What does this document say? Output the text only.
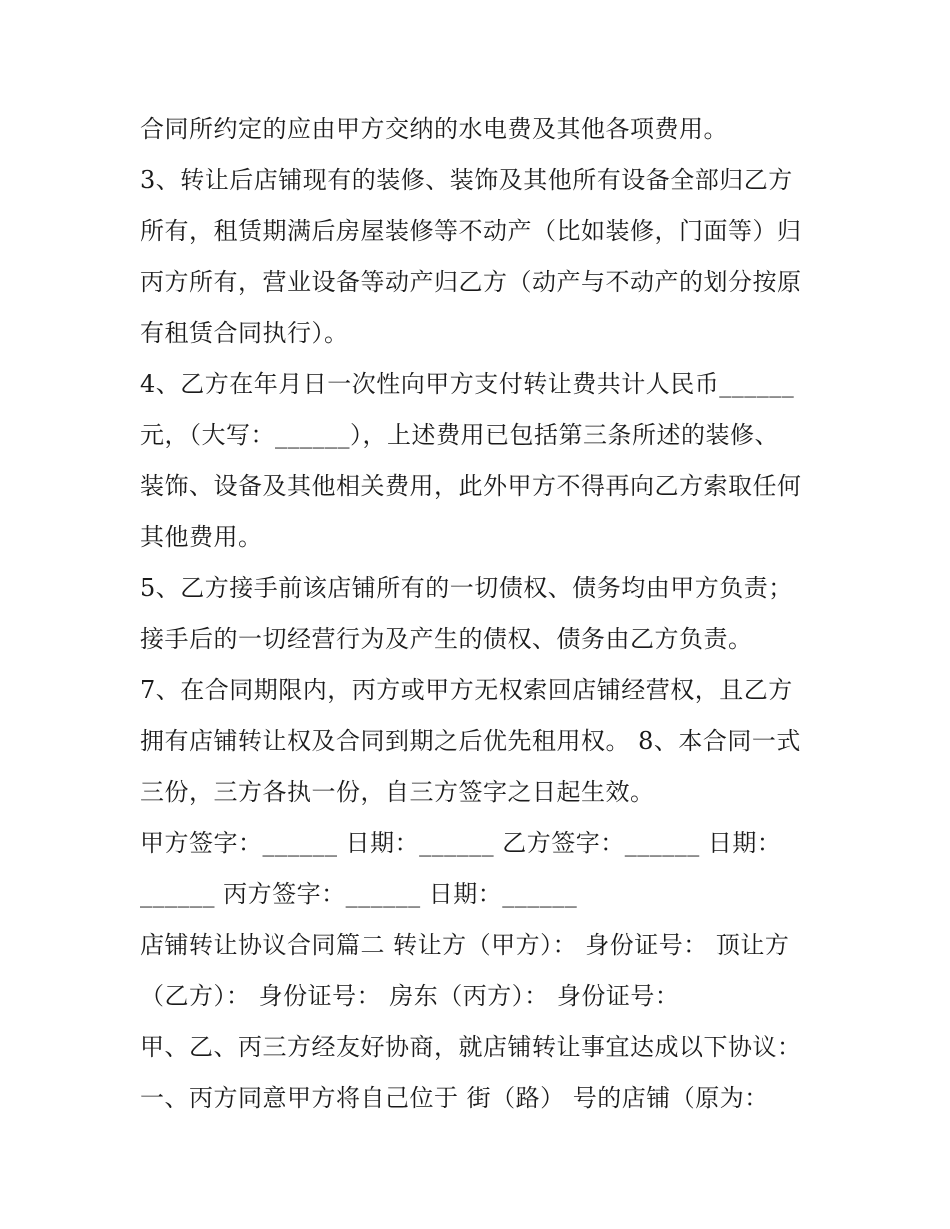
合同所约定的应由甲方交纳的水电费及其他各项费用。
3、转让后店铺现有的装修、装饰及其他所有设备全部归乙方
所有，租赁期满后房屋装修等不动产（比如装修，门面等）归
丙方所有，营业设备等动产归乙方（动产与不动产的划分按原
有租赁合同执行）。
4、乙方在年月日一次性向甲方支付转让费共计人民币______
元，（大写：______），上述费用已包括第三条所述的装修、
装饰、设备及其他相关费用，此外甲方不得再向乙方索取任何
其他费用。
5、乙方接手前该店铺所有的一切债权、债务均由甲方负责；
接手后的一切经营行为及产生的债权、债务由乙方负责。
7、在合同期限内，丙方或甲方无权索回店铺经营权，且乙方
拥有店铺转让权及合同到期之后优先租用权。 8、本合同一式
三份，三方各执一份，自三方签字之日起生效。
甲方签字：______ 日期：______ 乙方签字：______ 日期：
______ 丙方签字：______ 日期：______
店铺转让协议合同篇二 转让方（甲方）： 身份证号： 顶让方
（乙方）： 身份证号： 房东（丙方）： 身份证号：
甲、乙、丙三方经友好协商，就店铺转让事宜达成以下协议：
一、丙方同意甲方将自己位于 街（路） 号的店铺（原为：
